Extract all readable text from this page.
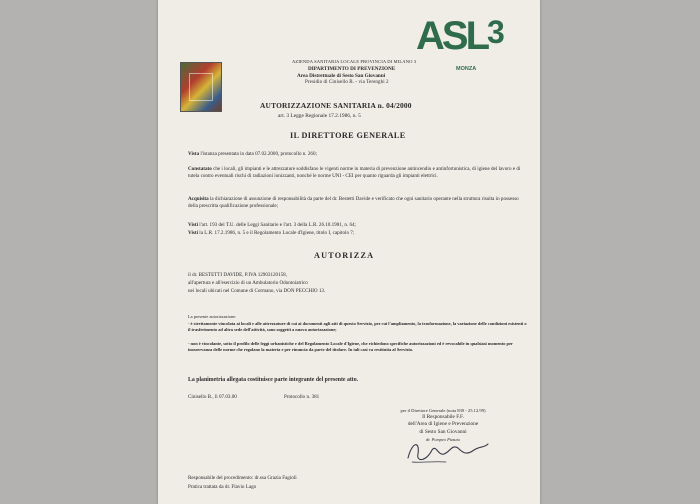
AZIENDA SANITARIA LOCALE PROVINCIA DI MILANO 3
DIPARTIMENTO DI PREVENZIONE
Area Distrettuale di Sesto San Giovanni
Presidio di Cinisello B. - via Terenghi 2
ASL3
MONZA
AUTORIZZAZIONE SANITARIA n. 04/2000
art. 3 Legge Regionale 17.2.1986, n. 5
IL DIRETTORE GENERALE
Vista l'istanza presentata in data 07.02.2000, protocollo n. 260;
Constatato che i locali, gli impianti e le attrezzature soddisfano le vigenti norme in materia di prevenzione antincendio e antinfortunistica, di igiene del lavoro e di tutela contro eventuali rischi di radiazioni ionizzanti, nonché le norme UNI - CEI per quanto riguarda gli impianti elettrici.
Acquisita la dichiarazione di assunzione di responsabilità da parte del dr. Bestetti Davide e verificato che ogni sanitario operante nella struttura risulta in possesso della prescritta qualificazione professionale;
Visti l'art. 193 del T.U. delle Leggi Sanitarie e l'art. 3 della L.R. 26.10.1981, n. 64;
Visti la L.R. 17.2.1986, n. 5 e il Regolamento Locale d'Igiene, titolo I, capitolo 7;
AUTORIZZA
il dr. BESTETTI DAVIDE, P.IVA 12903120158,
all'apertura e all'esercizio di un Ambulatorio Odontoiatrico
nei locali ubicati nel Comune di Cormano, via DON PECCHIO 13.
La presente autorizzazione:
- è strettamente vincolata ai locali e alle attrezzature di cui ai documenti agli atti di questo Servizio, per cui l'ampliamento, la trasformazione, la variazione delle condizioni esistenti o il trasferimento ad altra sede dell'attività, sono soggetti a nuova autorizzazione;
- non è vincolante, sotto il profilo delle leggi urbanistiche e del Regolamento Locale d'Igiene, che richiedono specifiche autorizzazioni ed è revocabile in qualsiasi momento per inosservanza delle norme che regolano la materia e per rinuncia da parte del titolare. In tali casi va restituita al Servizio.
La planimetria allegata costituisce parte integrante del presente atto.
Cinisello B., lì 07.03.00	Protocollo n. 381
per il Direttore Generale (nota 839 - 25.12.99)
Il Responsabile F.F.
dell'Area di Igiene e Prevenzione
di Sesto San Giovanni
dr. Pompeo Pizzuto
Responsabile del procedimento: dr.ssa Grazia Fagioli
Pratica trattata da dr. Flavio Lago
